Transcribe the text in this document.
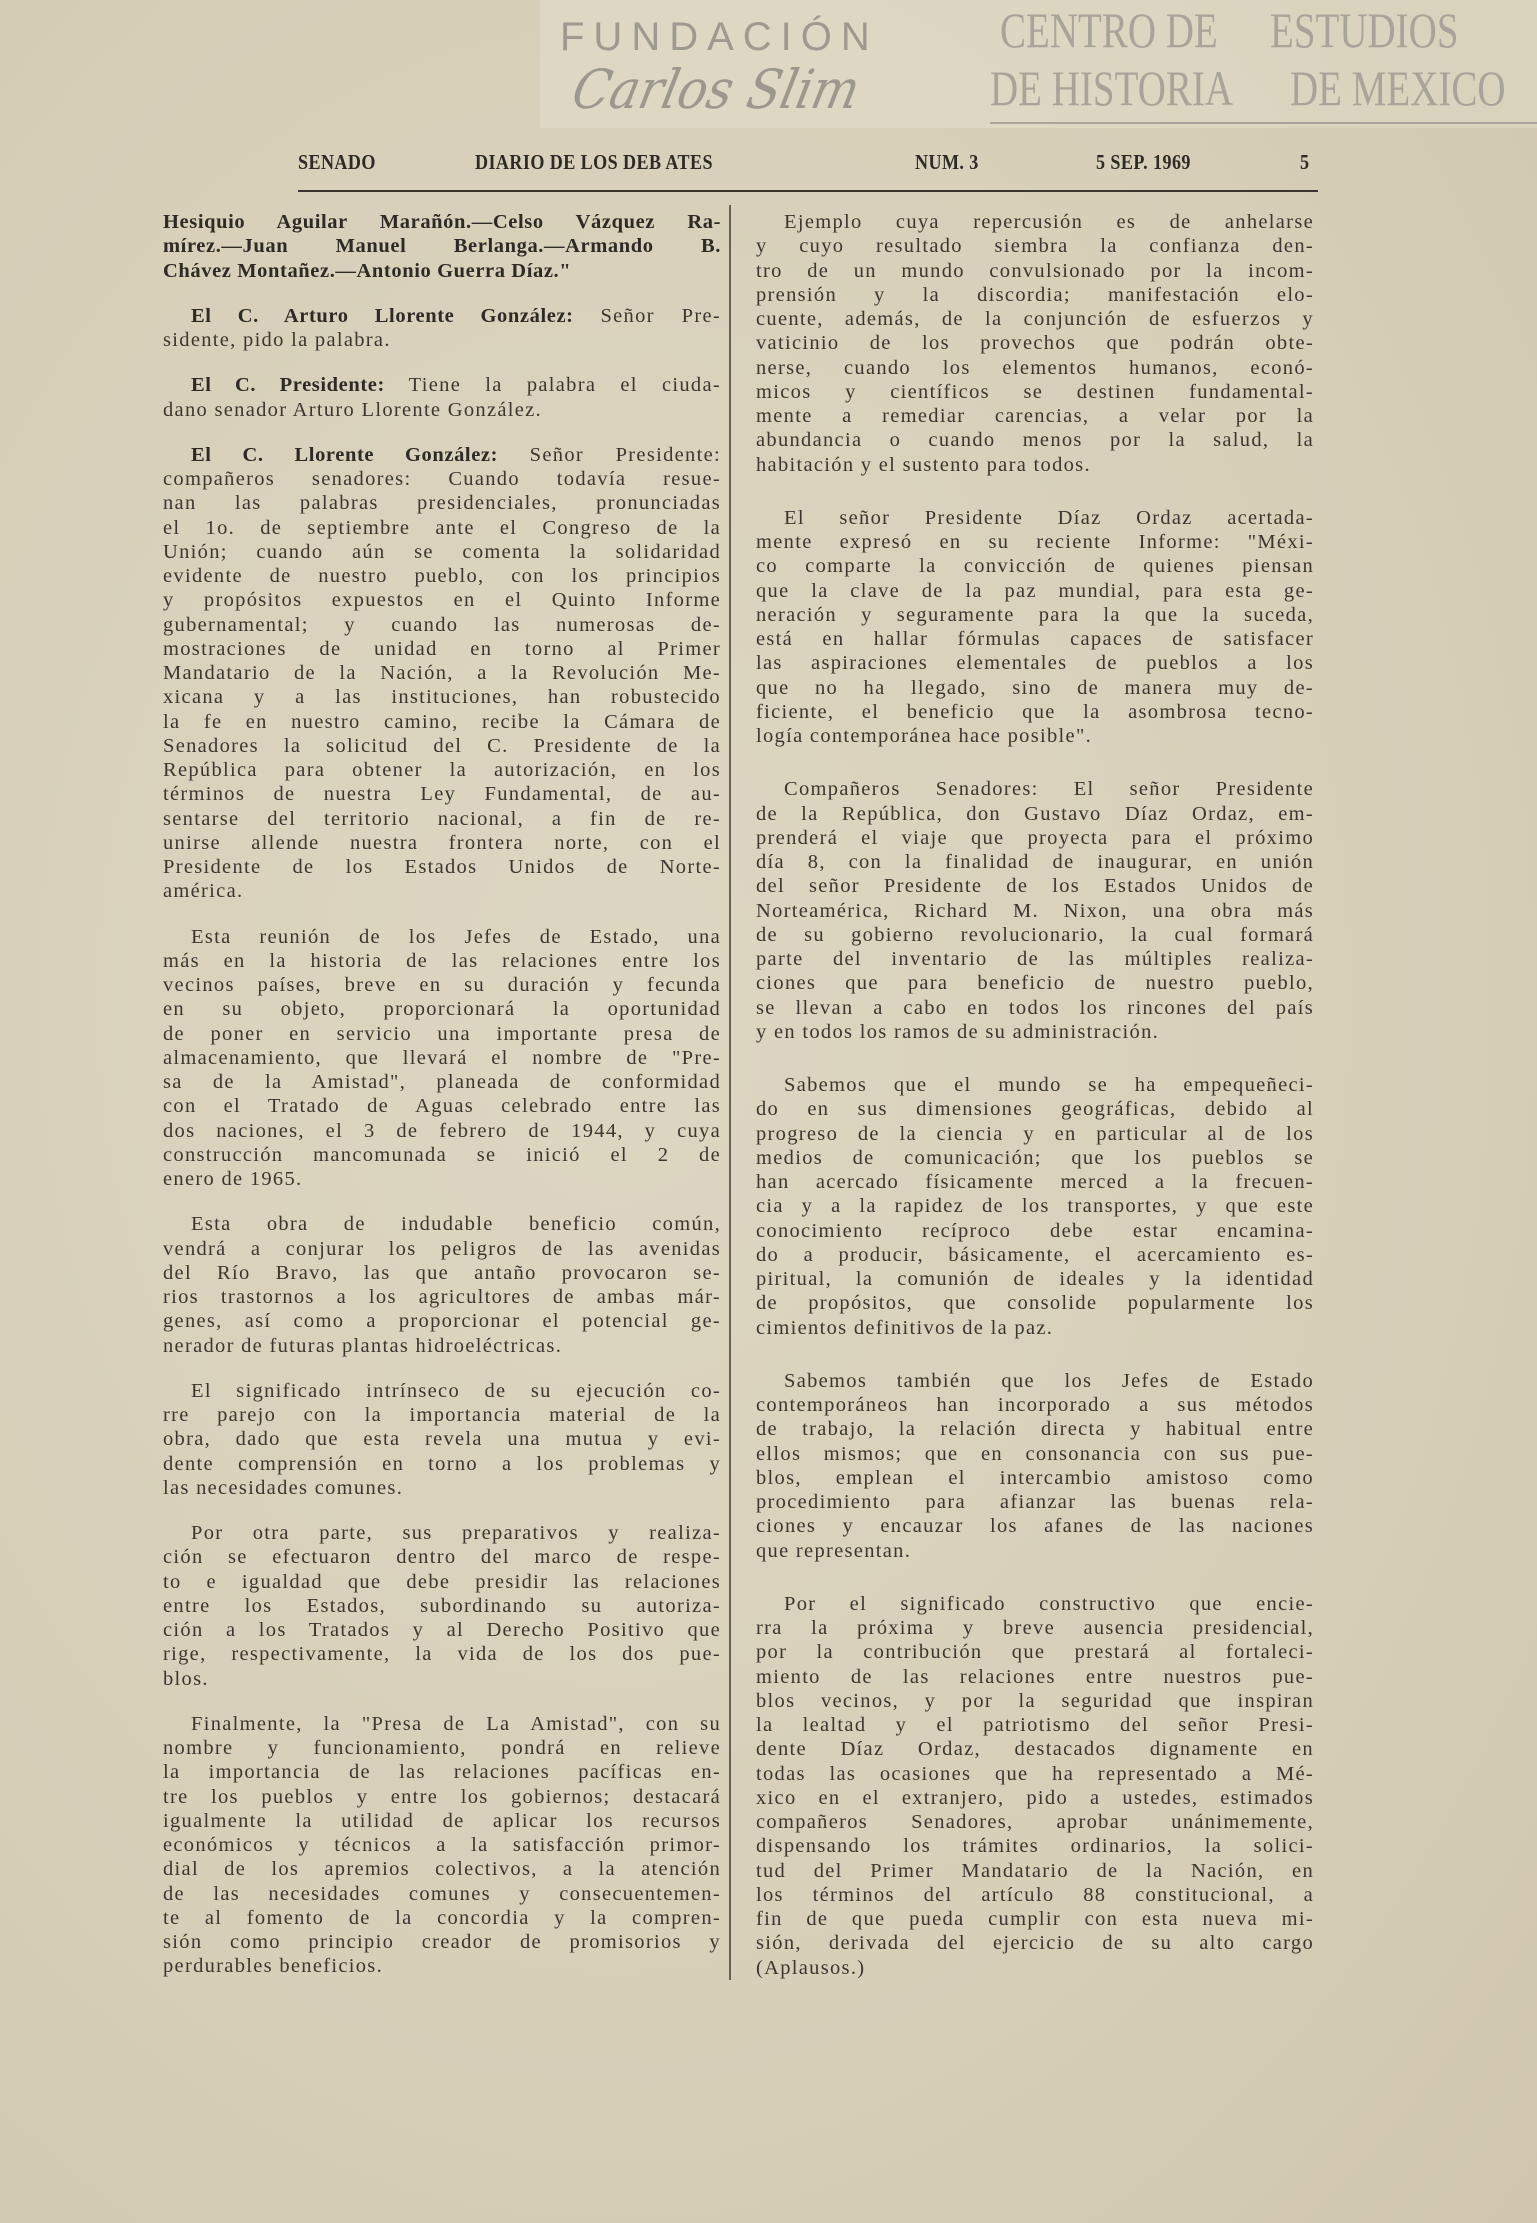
CENTRO DE ESTUDIOS
DE HISTORIA DE MEXICO
FUNDACIÓN
Carlos Slim
SENADO	DIARIO DE LOS DEB ATES	NUM. 3	5 SEP. 1969	5
Hesiquio Aguilar Marañón.—Celso Vázquez Ra-
mírez.—Juan Manuel Berlanga.—Armando B.
Chávez Montañez.—Antonio Guerra Díaz."
El C. Arturo Llorente González: Señor Pre-
sidente, pido la palabra.
El C. Presidente: Tiene la palabra el ciuda-
dano senador Arturo Llorente González.
El C. Llorente González: Señor Presidente:
compañeros senadores: Cuando todavía resue-
nan las palabras presidenciales, pronunciadas
el 1o. de septiembre ante el Congreso de la
Unión; cuando aún se comenta la solidaridad
evidente de nuestro pueblo, con los principios
y propósitos expuestos en el Quinto Informe
gubernamental; y cuando las numerosas de-
mostraciones de unidad en torno al Primer
Mandatario de la Nación, a la Revolución Me-
xicana y a las instituciones, han robustecido
la fe en nuestro camino, recibe la Cámara de
Senadores la solicitud del C. Presidente de la
República para obtener la autorización, en los
términos de nuestra Ley Fundamental, de au-
sentarse del territorio nacional, a fin de re-
unirse allende nuestra frontera norte, con el
Presidente de los Estados Unidos de Norte-
américa.
Esta reunión de los Jefes de Estado, una
más en la historia de las relaciones entre los
vecinos países, breve en su duración y fecunda
en su objeto, proporcionará la oportunidad
de poner en servicio una importante presa de
almacenamiento, que llevará el nombre de "Pre-
sa de la Amistad", planeada de conformidad
con el Tratado de Aguas celebrado entre las
dos naciones, el 3 de febrero de 1944, y cuya
construcción mancomunada se inició el 2 de
enero de 1965.
Esta obra de indudable beneficio común,
vendrá a conjurar los peligros de las avenidas
del Río Bravo, las que antaño provocaron se-
rios trastornos a los agricultores de ambas már-
genes, así como a proporcionar el potencial ge-
nerador de futuras plantas hidroeléctricas.
El significado intrínseco de su ejecución co-
rre parejo con la importancia material de la
obra, dado que esta revela una mutua y evi-
dente comprensión en torno a los problemas y
las necesidades comunes.
Por otra parte, sus preparativos y realiza-
ción se efectuaron dentro del marco de respe-
to e igualdad que debe presidir las relaciones
entre los Estados, subordinando su autoriza-
ción a los Tratados y al Derecho Positivo que
rige, respectivamente, la vida de los dos pue-
blos.
Finalmente, la "Presa de La Amistad", con su
nombre y funcionamiento, pondrá en relieve
la importancia de las relaciones pacíficas en-
tre los pueblos y entre los gobiernos; destacará
igualmente la utilidad de aplicar los recursos
económicos y técnicos a la satisfacción primor-
dial de los apremios colectivos, a la atención
de las necesidades comunes y consecuentemen-
te al fomento de la concordia y la compren-
sión como principio creador de promisorios y
perdurables beneficios.
Ejemplo cuya repercusión es de anhelarse
y cuyo resultado siembra la confianza den-
tro de un mundo convulsionado por la incom-
prensión y la discordia; manifestación elo-
cuente, además, de la conjunción de esfuerzos y
vaticinio de los provechos que podrán obte-
nerse, cuando los elementos humanos, econó-
micos y científicos se destinen fundamental-
mente a remediar carencias, a velar por la
abundancia o cuando menos por la salud, la
habitación y el sustento para todos.
El señor Presidente Díaz Ordaz acertada-
mente expresó en su reciente Informe: "Méxi-
co comparte la convicción de quienes piensan
que la clave de la paz mundial, para esta ge-
neración y seguramente para la que la suceda,
está en hallar fórmulas capaces de satisfacer
las aspiraciones elementales de pueblos a los
que no ha llegado, sino de manera muy de-
ficiente, el beneficio que la asombrosa tecno-
logía contemporánea hace posible".
Compañeros Senadores: El señor Presidente
de la República, don Gustavo Díaz Ordaz, em-
prenderá el viaje que proyecta para el próximo
día 8, con la finalidad de inaugurar, en unión
del señor Presidente de los Estados Unidos de
Norteamérica, Richard M. Nixon, una obra más
de su gobierno revolucionario, la cual formará
parte del inventario de las múltiples realiza-
ciones que para beneficio de nuestro pueblo,
se llevan a cabo en todos los rincones del país
y en todos los ramos de su administración.
Sabemos que el mundo se ha empequeñeci-
do en sus dimensiones geográficas, debido al
progreso de la ciencia y en particular al de los
medios de comunicación; que los pueblos se
han acercado físicamente merced a la frecuen-
cia y a la rapidez de los transportes, y que este
conocimiento recíproco debe estar encamina-
do a producir, básicamente, el acercamiento es-
piritual, la comunión de ideales y la identidad
de propósitos, que consolide popularmente los
cimientos definitivos de la paz.
Sabemos también que los Jefes de Estado
contemporáneos han incorporado a sus métodos
de trabajo, la relación directa y habitual entre
ellos mismos; que en consonancia con sus pue-
blos, emplean el intercambio amistoso como
procedimiento para afianzar las buenas rela-
ciones y encauzar los afanes de las naciones
que representan.
Por el significado constructivo que encie-
rra la próxima y breve ausencia presidencial,
por la contribución que prestará al fortaleci-
miento de las relaciones entre nuestros pue-
blos vecinos, y por la seguridad que inspiran
la lealtad y el patriotismo del señor Presi-
dente Díaz Ordaz, destacados dignamente en
todas las ocasiones que ha representado a Mé-
xico en el extranjero, pido a ustedes, estimados
compañeros Senadores, aprobar unánimemente,
dispensando los trámites ordinarios, la solici-
tud del Primer Mandatario de la Nación, en
los términos del artículo 88 constitucional, a
fin de que pueda cumplir con esta nueva mi-
sión, derivada del ejercicio de su alto cargo
(Aplausos.)
